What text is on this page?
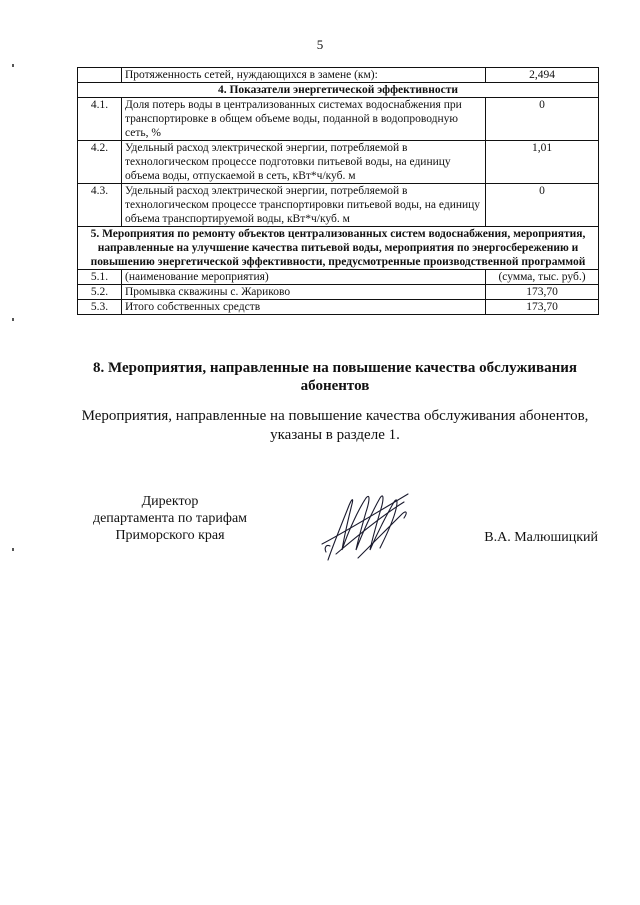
5
	Протяженность сетей, нуждающихся в замене (км):	2,494
4. Показатели энергетической эффективности		
4.1.	Доля потерь воды в централизованных системах водоснабжения при транспортировке в общем объеме воды, поданной в водопроводную сеть, %	0
4.2.	Удельный расход электрической энергии, потребляемой в технологическом процессе подготовки питьевой воды, на единицу объема воды, отпускаемой в сеть, кВт*ч/куб. м	1,01
4.3.	Удельный расход электрической энергии, потребляемой в технологическом процессе транспортировки питьевой воды, на единицу объема транспортируемой воды, кВт*ч/куб. м	0
5. Мероприятия по ремонту объектов централизованных систем водоснабжения, мероприятия, направленные на улучшение качества питьевой воды, мероприятия по энергосбережению и повышению энергетической эффективности, предусмотренные производственной программой		
5.1.	(наименование мероприятия)	(сумма, тыс. руб.)
5.2.	Промывка скважины с. Жариково	173,70
5.3.	Итого собственных средств	173,70
8. Мероприятия, направленные на повышение качества обслуживания абонентов
Мероприятия, направленные на повышение качества обслуживания абонентов, указаны в разделе 1.
Директор
департамента по тарифам
Приморского края	В.А. Малюшицкий
